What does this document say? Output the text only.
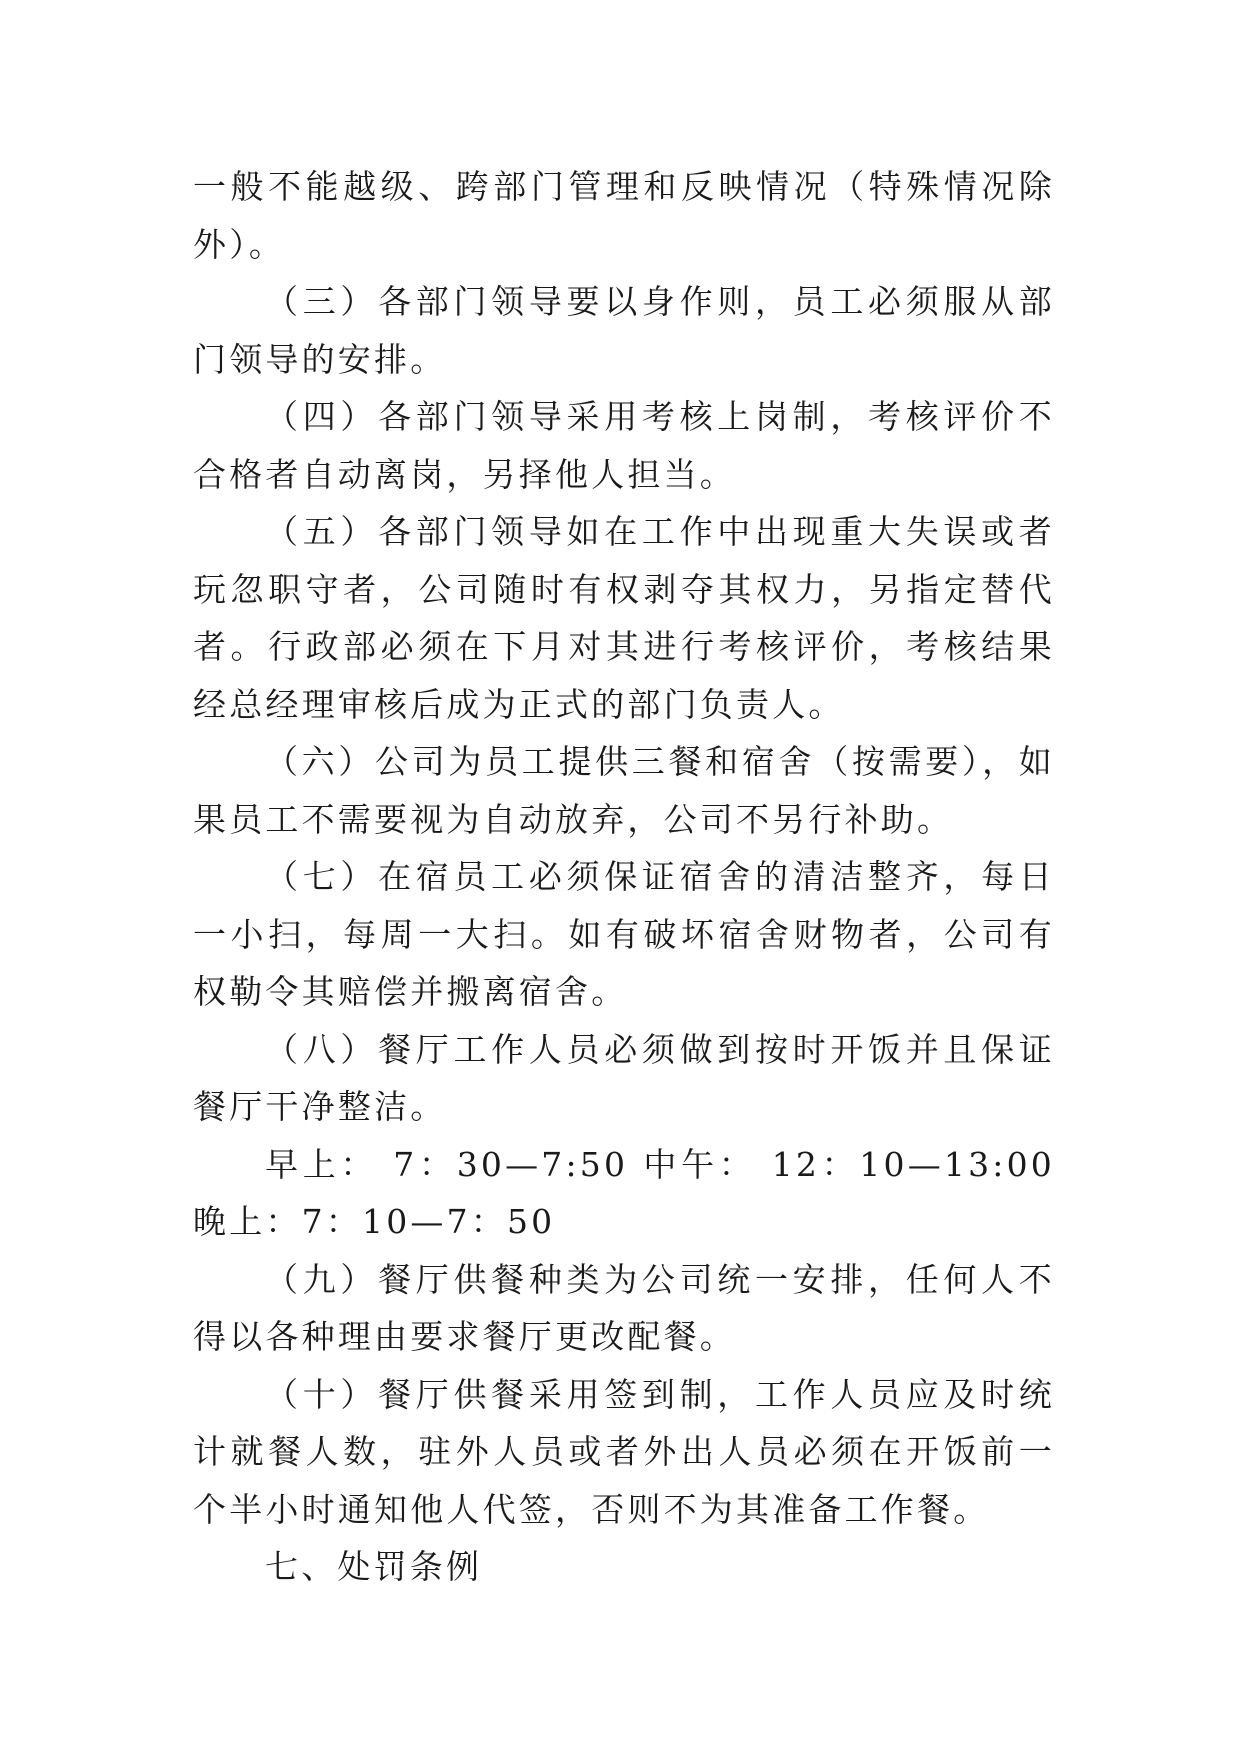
一般不能越级、跨部门管理和反映情况（特殊情况除外）。

（三）各部门领导要以身作则，员工必须服从部门领导的安排。

（四）各部门领导采用考核上岗制，考核评价不合格者自动离岗，另择他人担当。

（五）各部门领导如在工作中出现重大失误或者玩忽职守者，公司随时有权剥夺其权力，另指定替代者。行政部必须在下月对其进行考核评价，考核结果经总经理审核后成为正式的部门负责人。

（六）公司为员工提供三餐和宿舍（按需要），如果员工不需要视为自动放弃，公司不另行补助。

（七）在宿员工必须保证宿舍的清洁整齐，每日一小扫，每周一大扫。如有破坏宿舍财物者，公司有权勒令其赔偿并搬离宿舍。

（八）餐厅工作人员必须做到按时开饭并且保证餐厅干净整洁。

早上： 7：30—7:50 中午： 12：10—13:00 晚上：7：10—7：50

（九）餐厅供餐种类为公司统一安排，任何人不得以各种理由要求餐厅更改配餐。

（十）餐厅供餐采用签到制，工作人员应及时统计就餐人数，驻外人员或者外出人员必须在开饭前一个半小时通知他人代签，否则不为其准备工作餐。

七、处罚条例
